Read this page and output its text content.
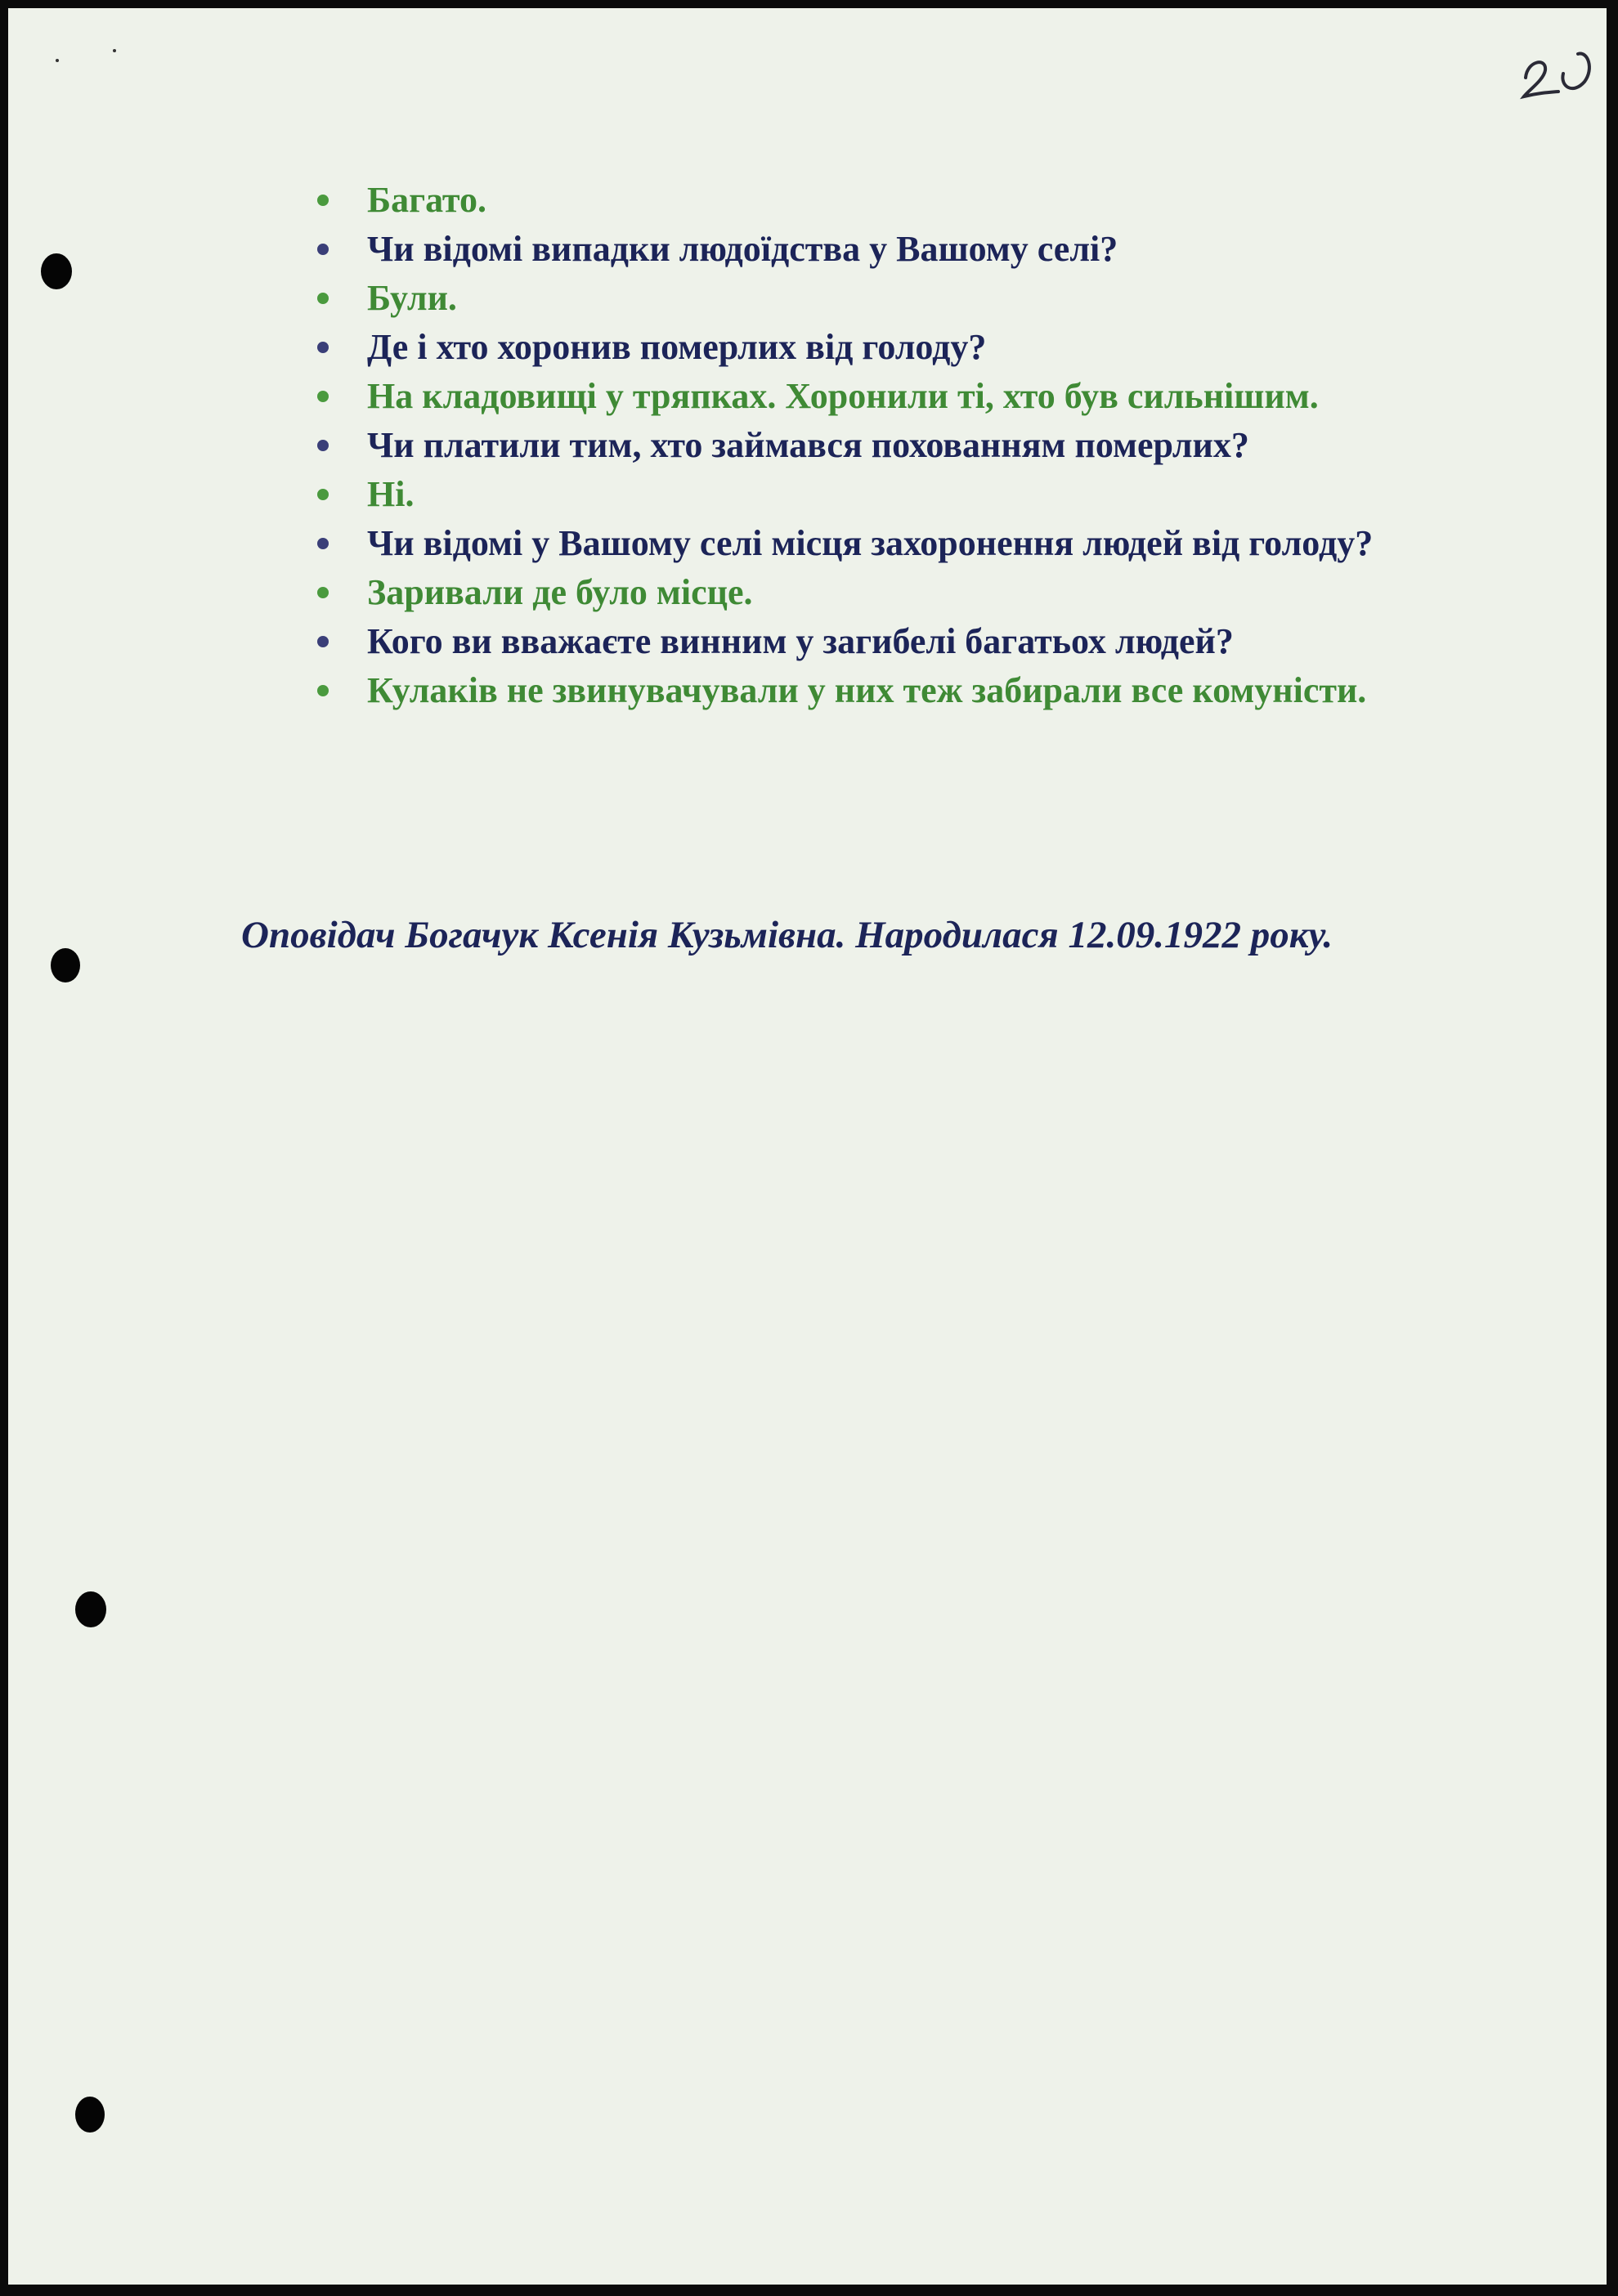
Багато.
Чи відомі випадки людоїдства у Вашому селі?
Були.
Де і хто хоронив померлих від голоду?
На кладовищі у тряпках. Хоронили ті, хто був сильнішим.
Чи платили тим, хто займався похованням померлих?
Ні.
Чи відомі у Вашому селі місця захоронення людей від голоду?
Заривали де було місце.
Кого ви вважаєте винним у загибелі багатьох людей?
Кулаків не звинувачували у них теж забирали все комуністи.

Оповідач Богачук Ксенія Кузьмівна. Народилася 12.09.1922 року.
